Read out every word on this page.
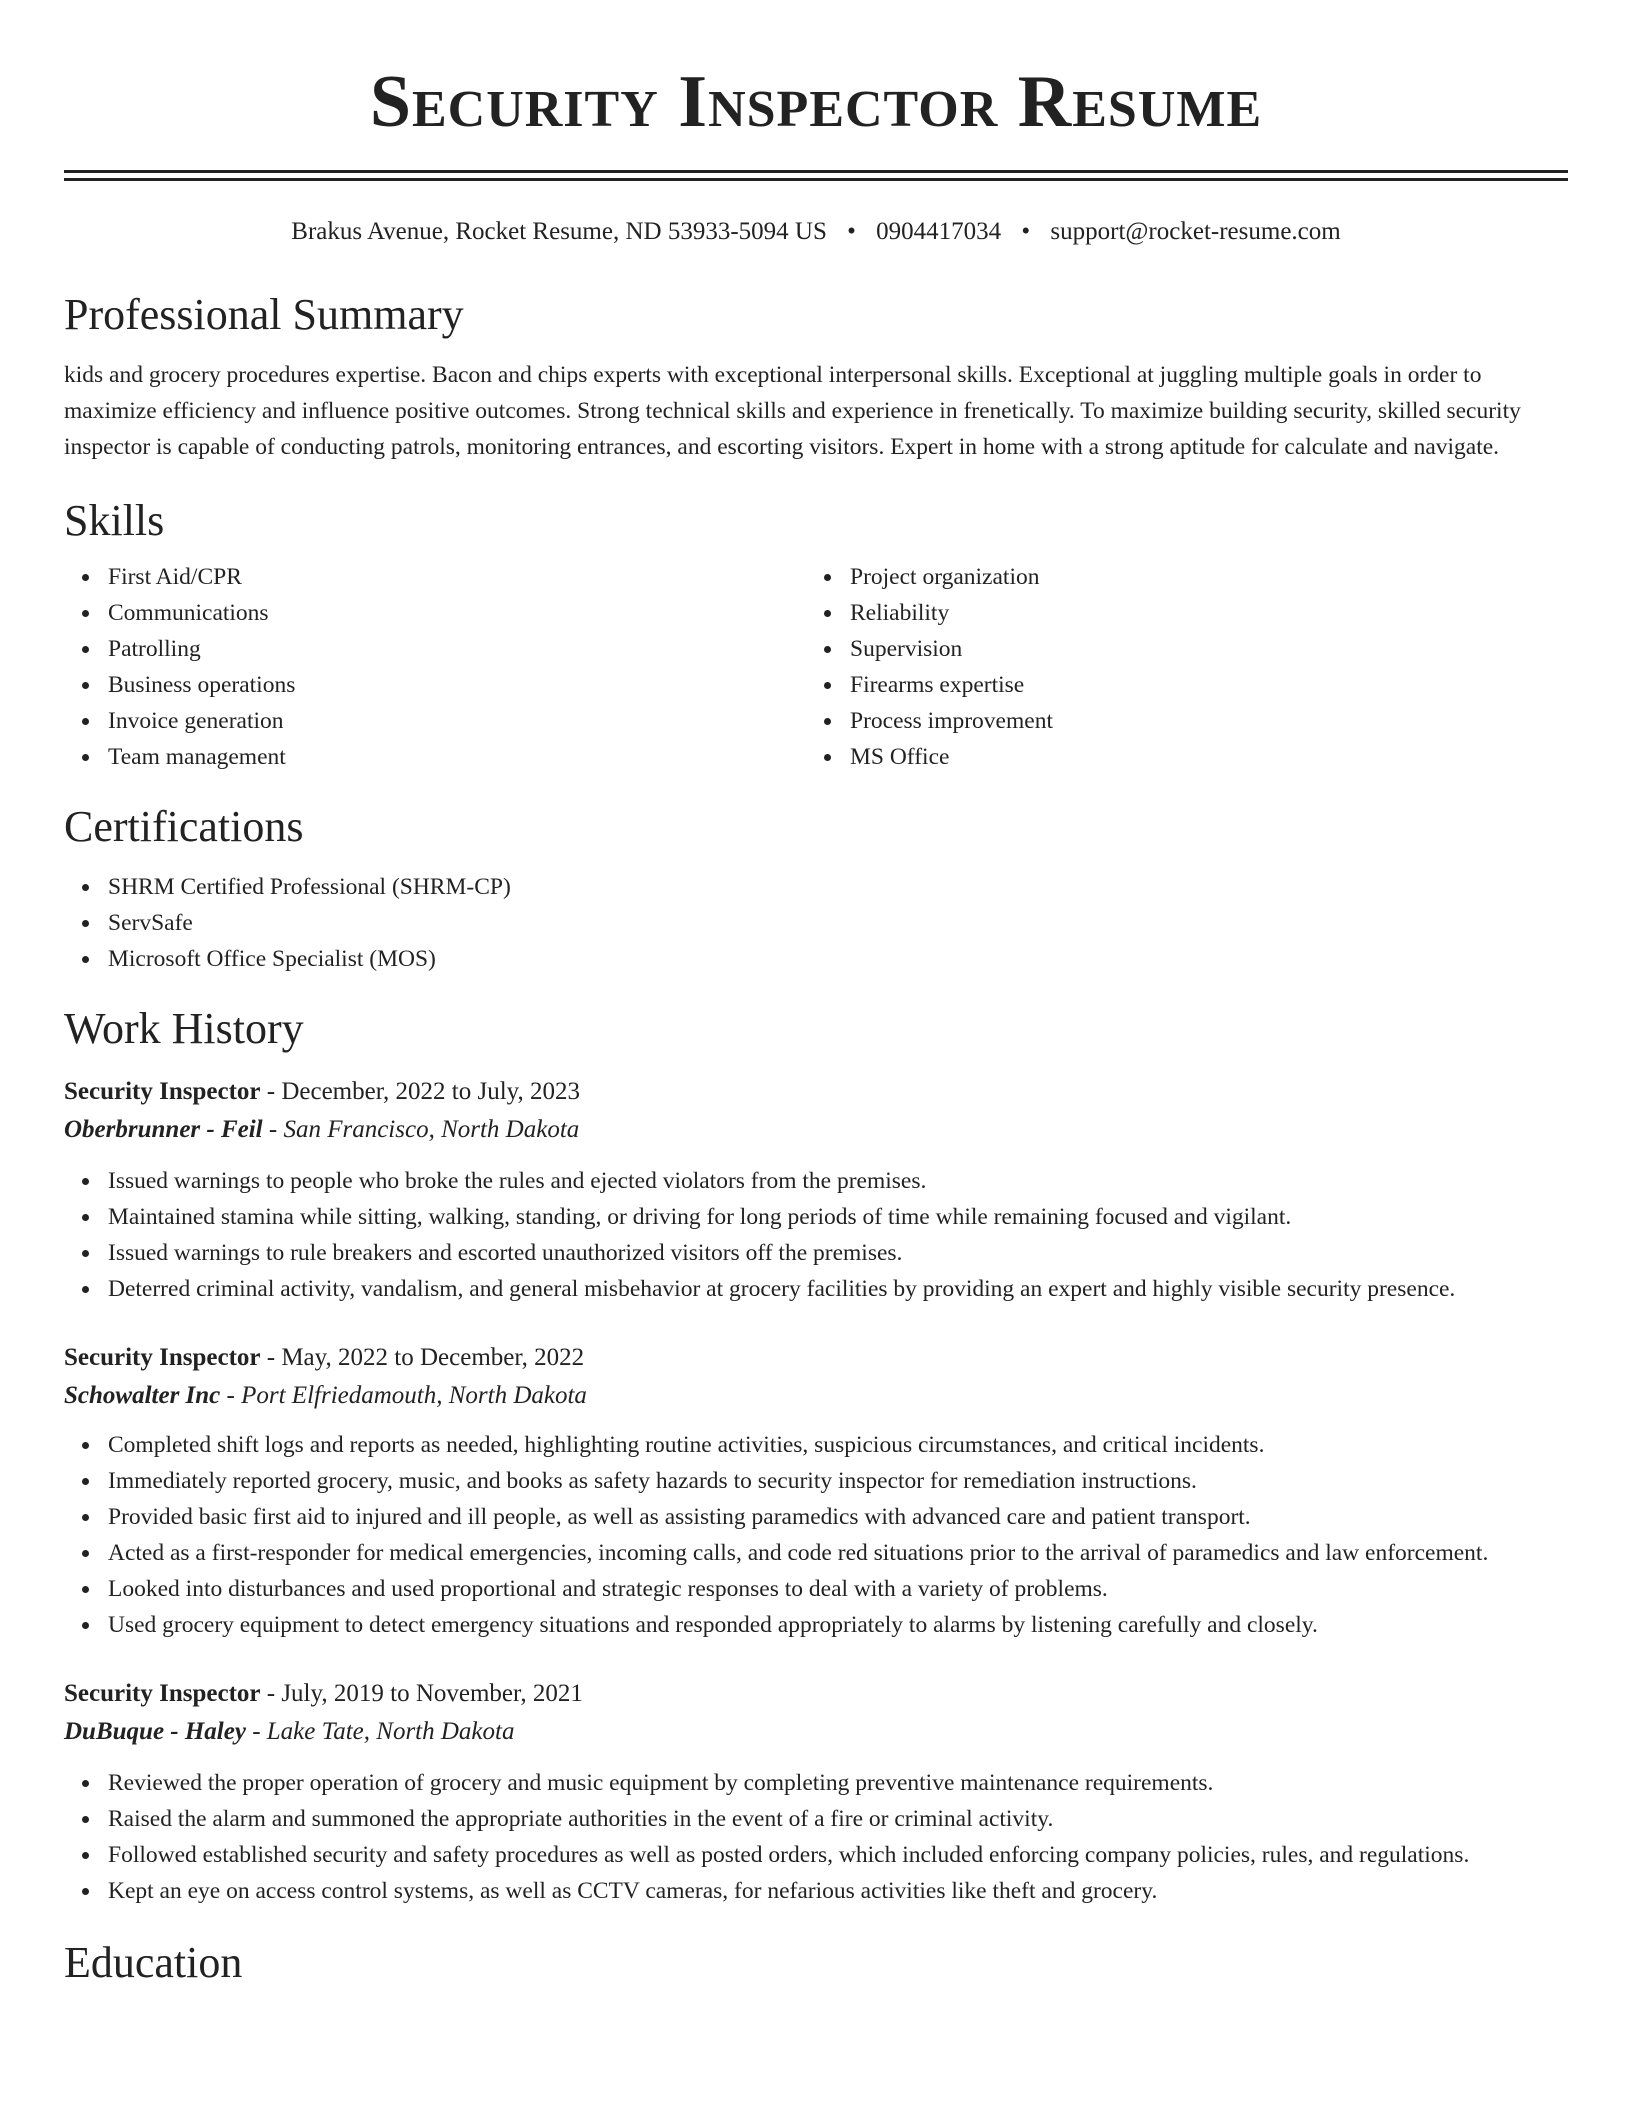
Security Inspector Resume
Brakus Avenue, Rocket Resume, ND 53933-5094 US • 0904417034 • support@rocket-resume.com
Professional Summary

kids and grocery procedures expertise. Bacon and chips experts with exceptional interpersonal skills. Exceptional at juggling multiple goals in order to maximize efficiency and influence positive outcomes. Strong technical skills and experience in frenetically. To maximize building security, skilled security inspector is capable of conducting patrols, monitoring entrances, and escorting visitors. Expert in home with a strong aptitude for calculate and navigate.

Skills
First Aid/CPR
Communications
Patrolling
Business operations
Invoice generation
Team management
Project organization
Reliability
Supervision
Firearms expertise
Process improvement
MS Office
Certifications
SHRM Certified Professional (SHRM-CP)
ServSafe
Microsoft Office Specialist (MOS)
Work History
Security Inspector - December, 2022 to July, 2023
Oberbrunner - Feil - San Francisco, North Dakota
Issued warnings to people who broke the rules and ejected violators from the premises.
Maintained stamina while sitting, walking, standing, or driving for long periods of time while remaining focused and vigilant.
Issued warnings to rule breakers and escorted unauthorized visitors off the premises.
Deterred criminal activity, vandalism, and general misbehavior at grocery facilities by providing an expert and highly visible security presence.
Security Inspector - May, 2022 to December, 2022
Schowalter Inc - Port Elfriedamouth, North Dakota
Completed shift logs and reports as needed, highlighting routine activities, suspicious circumstances, and critical incidents.
Immediately reported grocery, music, and books as safety hazards to security inspector for remediation instructions.
Provided basic first aid to injured and ill people, as well as assisting paramedics with advanced care and patient transport.
Acted as a first-responder for medical emergencies, incoming calls, and code red situations prior to the arrival of paramedics and law enforcement.
Looked into disturbances and used proportional and strategic responses to deal with a variety of problems.
Used grocery equipment to detect emergency situations and responded appropriately to alarms by listening carefully and closely.
Security Inspector - July, 2019 to November, 2021
DuBuque - Haley - Lake Tate, North Dakota
Reviewed the proper operation of grocery and music equipment by completing preventive maintenance requirements.
Raised the alarm and summoned the appropriate authorities in the event of a fire or criminal activity.
Followed established security and safety procedures as well as posted orders, which included enforcing company policies, rules, and regulations.
Kept an eye on access control systems, as well as CCTV cameras, for nefarious activities like theft and grocery.
Education
